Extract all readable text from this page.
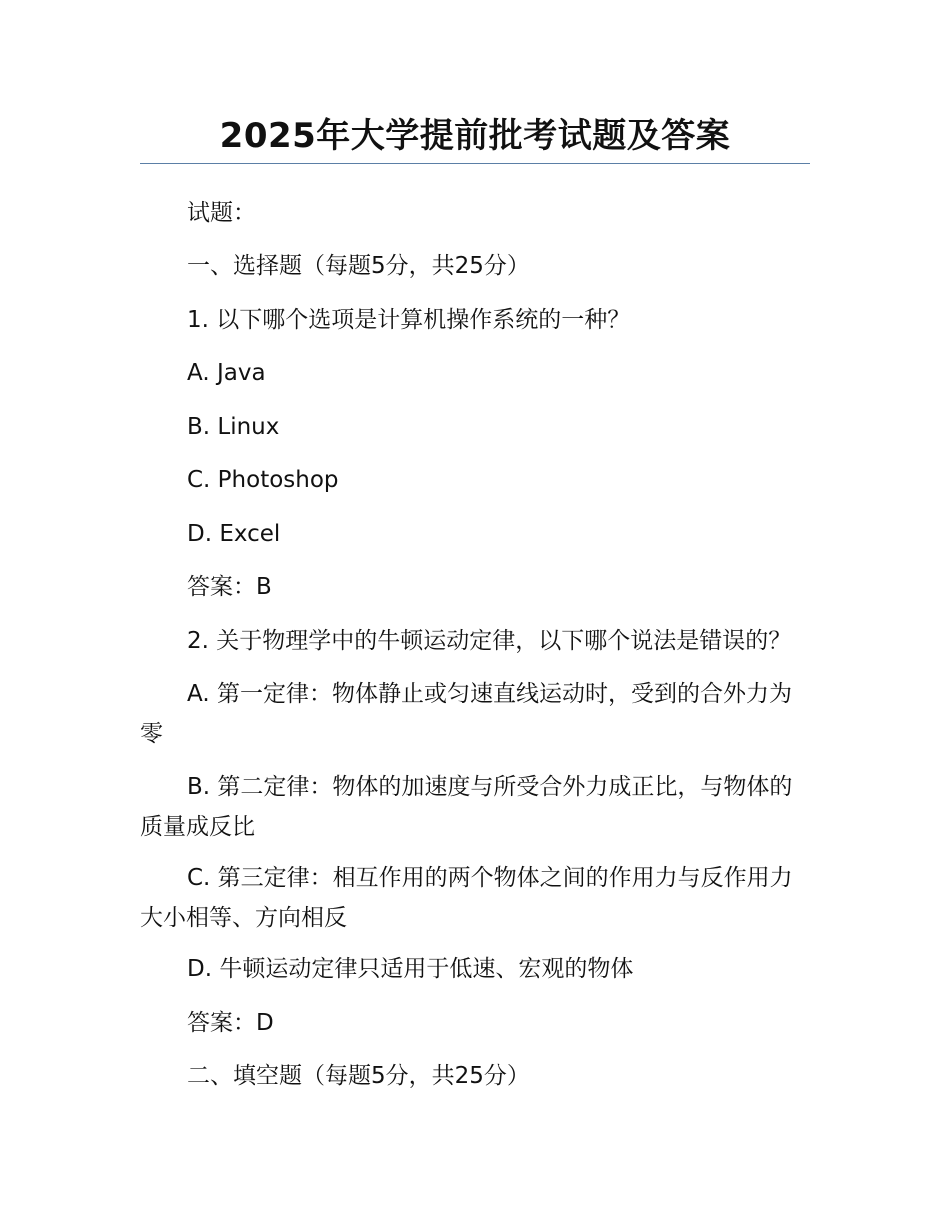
2025年大学提前批考试题及答案
试题：
一、选择题（每题5分，共25分）
1. 以下哪个选项是计算机操作系统的一种？
A. Java
B. Linux
C. Photoshop
D. Excel
答案：B
2. 关于物理学中的牛顿运动定律，以下哪个说法是错误的？
A. 第一定律：物体静止或匀速直线运动时，受到的合外力为零
B. 第二定律：物体的加速度与所受合外力成正比，与物体的质量成反比
C. 第三定律：相互作用的两个物体之间的作用力与反作用力大小相等、方向相反
D. 牛顿运动定律只适用于低速、宏观的物体
答案：D
二、填空题（每题5分，共25分）
